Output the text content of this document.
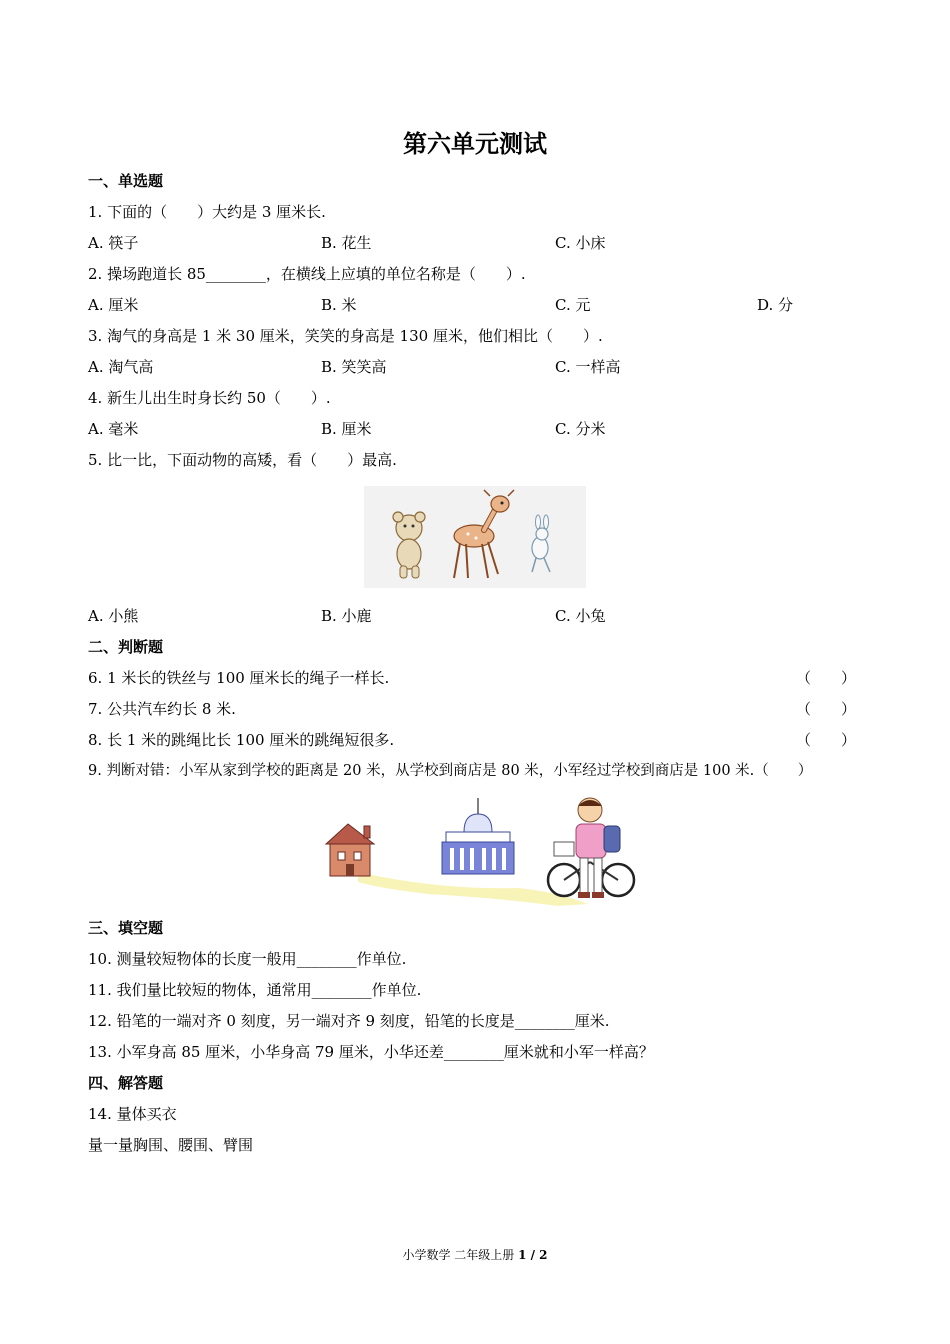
第六单元测试
一、单选题
1. 下面的（　　）大约是 3 厘米长.
A. 筷子	B. 花生	C. 小床
2. 操场跑道长 85________，在横线上应填的单位名称是（　　）.
A. 厘米	B. 米	C. 元	D. 分
3. 淘气的身高是 1 米 30 厘米，笑笑的身高是 130 厘米，他们相比（　　）.
A. 淘气高	B. 笑笑高	C. 一样高
4. 新生儿出生时身长约 50（　　）.
A. 毫米	B. 厘米	C. 分米
5. 比一比，下面动物的高矮，看（　　）最高.
A. 小熊	B. 小鹿	C. 小兔
二、判断题
6. 1 米长的铁丝与 100 厘米长的绳子一样长.	（　　）
7. 公共汽车约长 8 米.	（　　）
8. 长 1 米的跳绳比长 100 厘米的跳绳短很多.	（　　）
9. 判断对错：小军从家到学校的距离是 20 米，从学校到商店是 80 米，小军经过学校到商店是 100 米.（　　）
三、填空题
10. 测量较短物体的长度一般用________作单位.
11. 我们量比较短的物体，通常用________作单位.
12. 铅笔的一端对齐 0 刻度，另一端对齐 9 刻度，铅笔的长度是________厘米.
13. 小军身高 85 厘米，小华身高 79 厘米，小华还差________厘米就和小军一样高？
四、解答题
14. 量体买衣
量一量胸围、腰围、臂围
小学数学 二年级上册 1 / 2
